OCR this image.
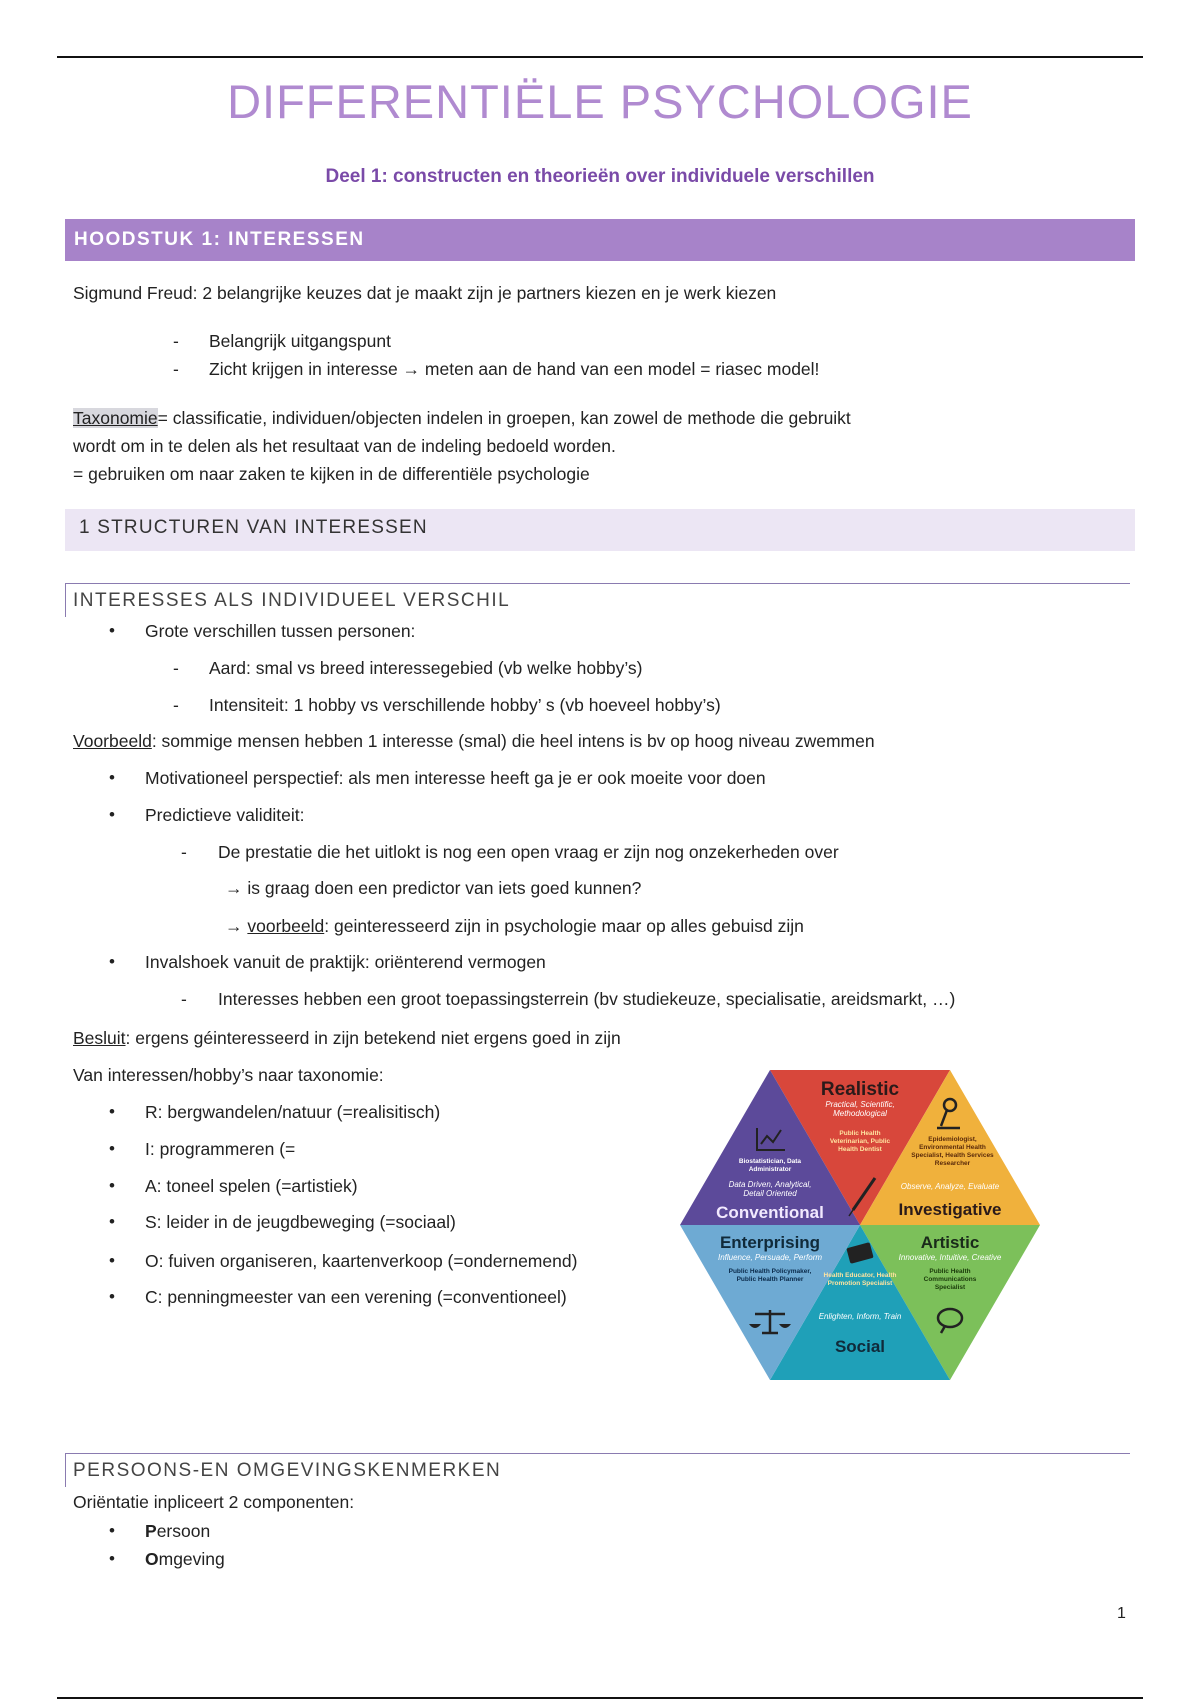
DIFFERENTIËLE PSYCHOLOGIE
Deel 1: constructen en theorieën over individuele verschillen
HOODSTUK 1: INTERESSEN
Sigmund Freud: 2 belangrijke keuzes dat je maakt zijn je partners kiezen en je werk kiezen
- Belangrijk uitgangspunt
- Zicht krijgen in interesse → meten aan de hand van een model = riasec model!
Taxonomie= classificatie, individuen/objecten indelen in groepen, kan zowel de methode die gebruikt
wordt om in te delen als het resultaat van de indeling bedoeld worden.
= gebruiken om naar zaken te kijken in de differentiële psychologie
1 STRUCTUREN VAN INTERESSEN
INTERESSES ALS INDIVIDUEEL VERSCHIL
• Grote verschillen tussen personen:
- Aard: smal vs breed interessegebied (vb welke hobby’s)
- Intensiteit: 1 hobby vs verschillende hobby’ s (vb hoeveel hobby’s)
Voorbeeld: sommige mensen hebben 1 interesse (smal) die heel intens is bv op hoog niveau zwemmen
• Motivationeel perspectief: als men interesse heeft ga je er ook moeite voor doen
• Predictieve validiteit:
- De prestatie die het uitlokt is nog een open vraag er zijn nog onzekerheden over
→ is graag doen een predictor van iets goed kunnen?
→ voorbeeld: geinteresseerd zijn in psychologie maar op alles gebuisd zijn
• Invalshoek vanuit de praktijk: oriënterend vermogen
- Interesses hebben een groot toepassingsterrein (bv studiekeuze, specialisatie, areidsmarkt, …)
Besluit: ergens géinteresseerd in zijn betekend niet ergens goed in zijn
Van interessen/hobby’s naar taxonomie:
• R: bergwandelen/natuur (=realisitisch)
• I: programmeren (=
• A: toneel spelen (=artistiek)
• S: leider in de jeugdbeweging (=sociaal)
• O: fuiven organiseren, kaartenverkoop (=ondernemend)
• C: penningmeester van een verening (=conventioneel)
Realistic
Practical, Scientific, Methodological
Public Health Veterinarian, Public Health Dentist
Epidemiologist, Environmental Health Specialist, Health Services Researcher
Observe, Analyze, Evaluate
Investigative
Artistic
Innovative, Intuitive, Creative
Public Health Communications Specialist
Health Educator, Health Promotion Specialist
Enlighten, Inform, Train
Social
Enterprising
Influence, Persuade, Perform
Public Health Policymaker, Public Health Planner
Biostatistician, Data Administrator
Data Driven, Analytical, Detail Oriented
Conventional
PERSOONS-EN OMGEVINGSKENMERKEN
Oriëntatie inpliceert 2 componenten:
• Persoon
• Omgeving
1
